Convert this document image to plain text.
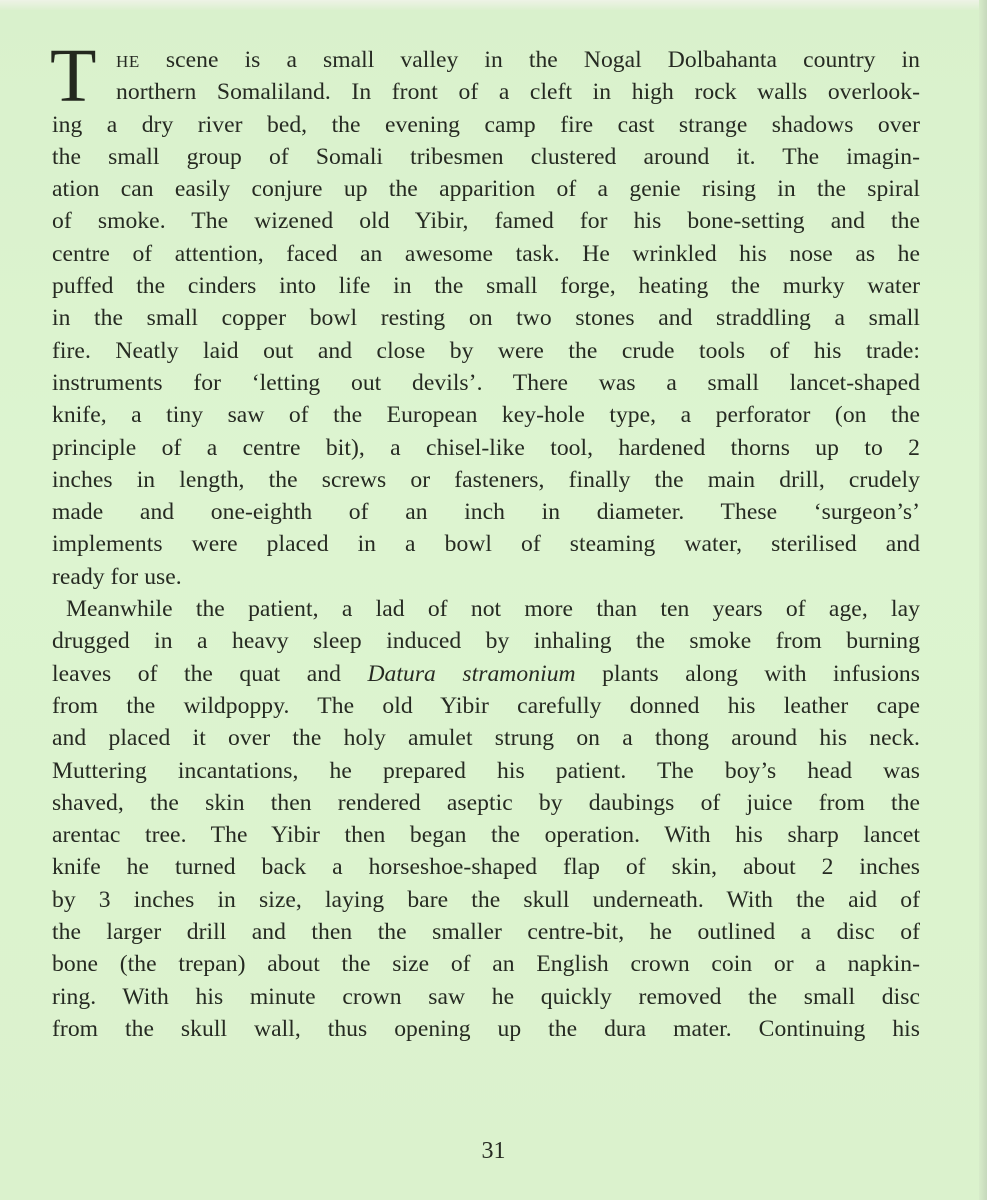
T he scene is a small valley in the Nogal Dolbahanta country in
northern Somaliland. In front of a cleft in high rock walls overlook-
ing a dry river bed, the evening camp fire cast strange shadows over
the small group of Somali tribesmen clustered around it. The imagin-
ation can easily conjure up the apparition of a genie rising in the spiral
of smoke. The wizened old Yibir, famed for his bone-setting and the
centre of attention, faced an awesome task. He wrinkled his nose as he
puffed the cinders into life in the small forge, heating the murky water
in the small copper bowl resting on two stones and straddling a small
fire. Neatly laid out and close by were the crude tools of his trade:
instruments for ‘letting out devils’. There was a small lancet-shaped
knife, a tiny saw of the European key-hole type, a perforator (on the
principle of a centre bit), a chisel-like tool, hardened thorns up to 2
inches in length, the screws or fasteners, finally the main drill, crudely
made and one-eighth of an inch in diameter. These ‘surgeon’s’
implements were placed in a bowl of steaming water, sterilised and
ready for use.
Meanwhile the patient, a lad of not more than ten years of age, lay
drugged in a heavy sleep induced by inhaling the smoke from burning
leaves of the quat and Datura stramonium plants along with infusions
from the wildpoppy. The old Yibir carefully donned his leather cape
and placed it over the holy amulet strung on a thong around his neck.
Muttering incantations, he prepared his patient. The boy’s head was
shaved, the skin then rendered aseptic by daubings of juice from the
arentac tree. The Yibir then began the operation. With his sharp lancet
knife he turned back a horseshoe-shaped flap of skin, about 2 inches
by 3 inches in size, laying bare the skull underneath. With the aid of
the larger drill and then the smaller centre-bit, he outlined a disc of
bone (the trepan) about the size of an English crown coin or a napkin-
ring. With his minute crown saw he quickly removed the small disc
from the skull wall, thus opening up the dura mater. Continuing his
31
